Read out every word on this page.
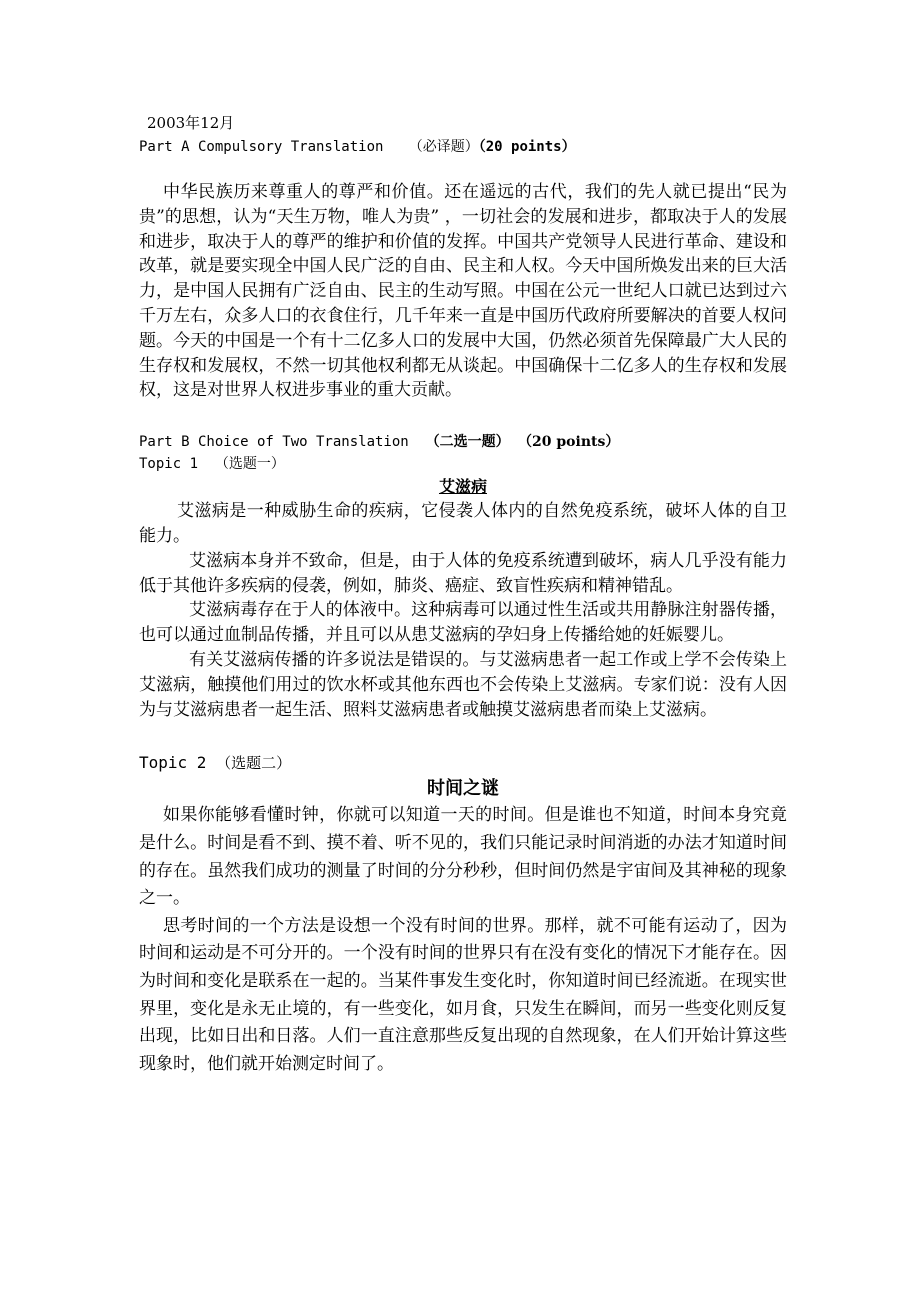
2003年12月
Part A Compulsory Translation （必译题）（20 points）

中华民族历来尊重人的尊严和价值。还在遥远的古代，我们的先人就已提出“民为贵”的思想，认为“天生万物，唯人为贵” ，一切社会的发展和进步，都取决于人的发展和进步，取决于人的尊严的维护和价值的发挥。中国共产党领导人民进行革命、建设和改革，就是要实现全中国人民广泛的自由、民主和人权。今天中国所焕发出来的巨大活力，是中国人民拥有广泛自由、民主的生动写照。中国在公元一世纪人口就已达到过六千万左右，众多人口的衣食住行，几千年来一直是中国历代政府所要解决的首要人权问题。今天的中国是一个有十二亿多人口的发展中大国，仍然必须首先保障最广大人民的生存权和发展权，不然一切其他权利都无从谈起。中国确保十二亿多人的生存权和发展权，这是对世界人权进步事业的重大贡献。

Part B Choice of Two Translation （二选一题） （20 points）
Topic 1 （选题一）
艾滋病

艾滋病是一种威胁生命的疾病，它侵袭人体内的自然免疫系统，破坏人体的自卫能力。

艾滋病本身并不致命，但是，由于人体的免疫系统遭到破坏，病人几乎没有能力低于其他许多疾病的侵袭，例如，肺炎、癌症、致盲性疾病和精神错乱。

艾滋病毒存在于人的体液中。这种病毒可以通过性生活或共用静脉注射器传播，也可以通过血制品传播，并且可以从患艾滋病的孕妇身上传播给她的妊娠婴儿。

有关艾滋病传播的许多说法是错误的。与艾滋病患者一起工作或上学不会传染上艾滋病，触摸他们用过的饮水杯或其他东西也不会传染上艾滋病。专家们说：没有人因为与艾滋病患者一起生活、照料艾滋病患者或触摸艾滋病患者而染上艾滋病。

Topic 2 （选题二）
时间之谜

如果你能够看懂时钟，你就可以知道一天的时间。但是谁也不知道，时间本身究竟是什么。时间是看不到、摸不着、听不见的，我们只能记录时间消逝的办法才知道时间的存在。虽然我们成功的测量了时间的分分秒秒，但时间仍然是宇宙间及其神秘的现象之一。

思考时间的一个方法是设想一个没有时间的世界。那样，就不可能有运动了，因为时间和运动是不可分开的。一个没有时间的世界只有在没有变化的情况下才能存在。因为时间和变化是联系在一起的。当某件事发生变化时，你知道时间已经流逝。在现实世界里，变化是永无止境的，有一些变化，如月食，只发生在瞬间，而另一些变化则反复出现，比如日出和日落。人们一直注意那些反复出现的自然现象，在人们开始计算这些现象时，他们就开始测定时间了。
